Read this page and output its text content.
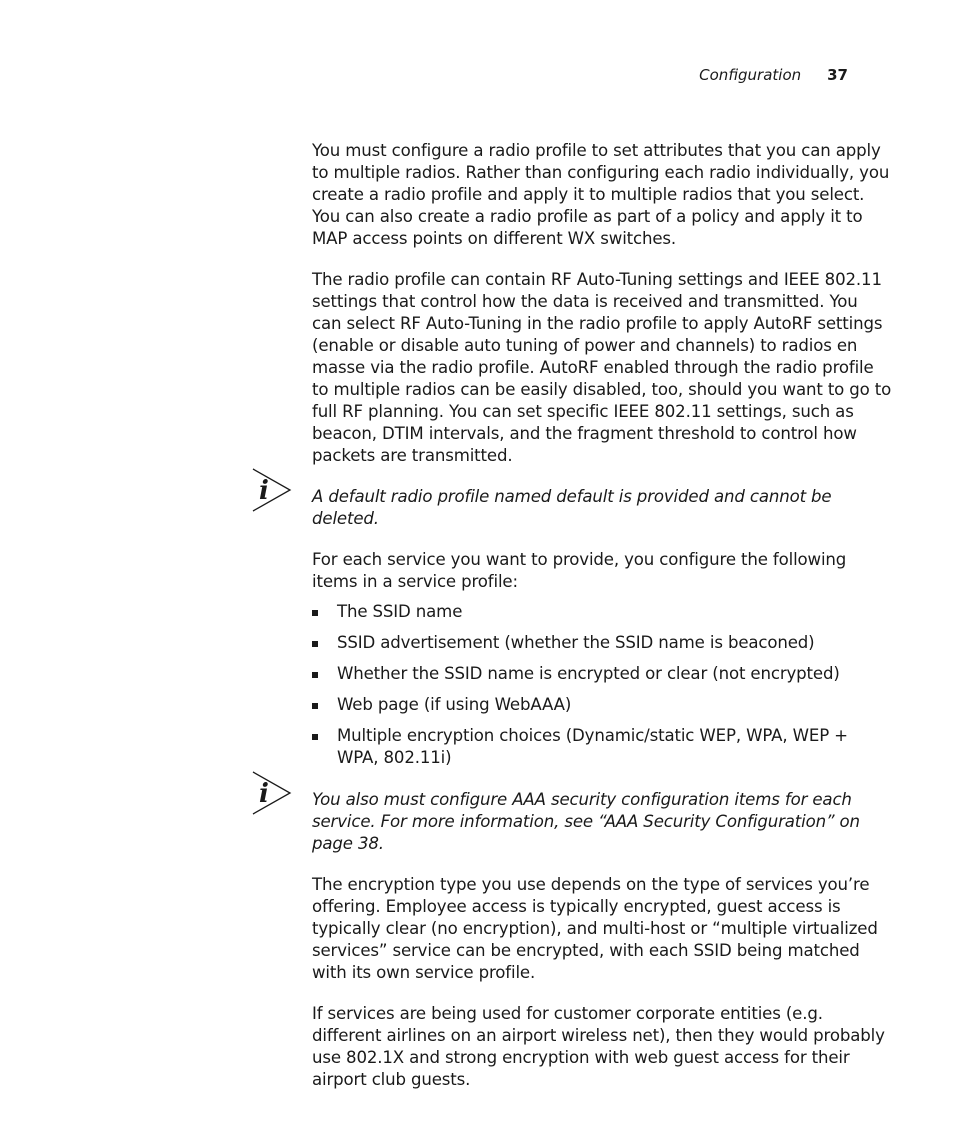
Configuration 37

You must configure a radio profile to set attributes that you can apply to multiple radios. Rather than configuring each radio individually, you create a radio profile and apply it to multiple radios that you select. You can also create a radio profile as part of a policy and apply it to MAP access points on different WX switches.

The radio profile can contain RF Auto-Tuning settings and IEEE 802.11 settings that control how the data is received and transmitted. You can select RF Auto-Tuning in the radio profile to apply AutoRF settings (enable or disable auto tuning of power and channels) to radios en masse via the radio profile. AutoRF enabled through the radio profile to multiple radios can be easily disabled, too, should you want to go to full RF planning. You can set specific IEEE 802.11 settings, such as beacon, DTIM intervals, and the fragment threshold to control how packets are transmitted.

i	A default radio profile named default is provided and cannot be deleted.

For each service you want to provide, you configure the following items in a service profile:

The SSID name
SSID advertisement (whether the SSID name is beaconed)
Whether the SSID name is encrypted or clear (not encrypted)
Web page (if using WebAAA)
Multiple encryption choices (Dynamic/static WEP, WPA, WEP + WPA, 802.11i)
i	You also must configure AAA security configuration items for each service. For more information, see “AAA Security Configuration” on page 38.

The encryption type you use depends on the type of services you’re offering. Employee access is typically encrypted, guest access is typically clear (no encryption), and multi-host or “multiple virtualized services” service can be encrypted, with each SSID being matched with its own service profile.

If services are being used for customer corporate entities (e.g. different airlines on an airport wireless net), then they would probably use 802.1X and strong encryption with web guest access for their airport club guests.
